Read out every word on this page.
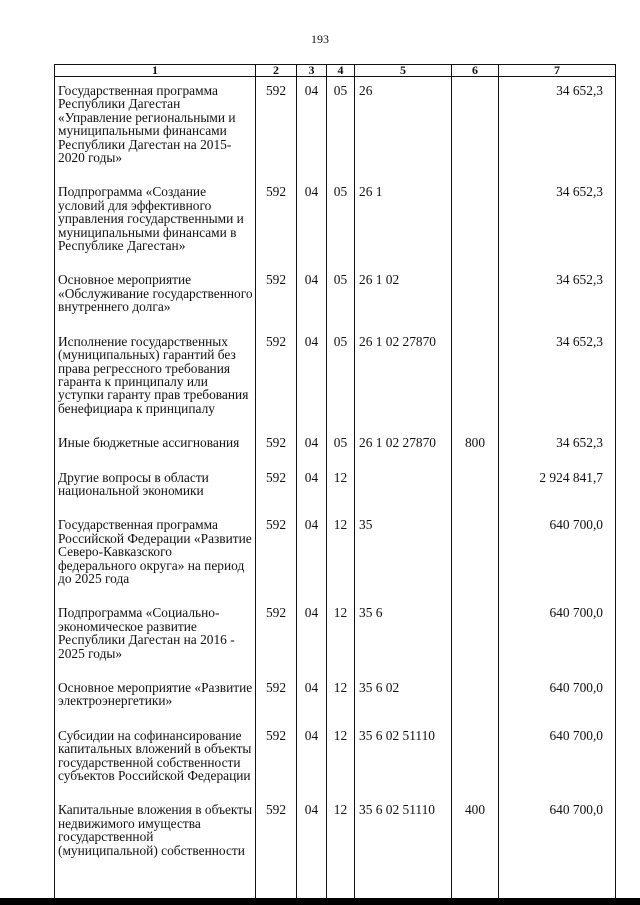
193
1	2	3	4	5	6	7
Государственная программа Республики Дагестан «Управление региональными и муниципальными финансами Республики Дагестан на 2015-2020 годы»	592	04	05	26		34 652,3
Подпрограмма «Создание условий для эффективного управления государственными и муниципальными финансами в Республике Дагестан»	592	04	05	26 1		34 652,3
Основное мероприятие «Обслуживание государственного внутреннего долга»	592	04	05	26 1 02		34 652,3
Исполнение государственных (муниципальных) гарантий без права регрессного требования гаранта к принципалу или уступки гаранту прав требования бенефициара к принципалу	592	04	05	26 1 02 27870		34 652,3
Иные бюджетные ассигнования	592	04	05	26 1 02 27870	800	34 652,3
Другие вопросы в области национальной экономики	592	04	12			2 924 841,7
Государственная программа Российской Федерации «Развитие Северо-Кавказского федерального округа» на период до 2025 года	592	04	12	35		640 700,0
Подпрограмма «Социально-экономическое развитие Республики Дагестан на 2016 - 2025 годы»	592	04	12	35 6		640 700,0
Основное мероприятие «Развитие электроэнергетики»	592	04	12	35 6 02		640 700,0
Субсидии на софинансирование капитальных вложений в объекты государственной собственности субъектов Российской Федерации	592	04	12	35 6 02 51110		640 700,0
Капитальные вложения в объекты недвижимого имущества государственной (муниципальной) собственности	592	04	12	35 6 02 51110	400	640 700,0
